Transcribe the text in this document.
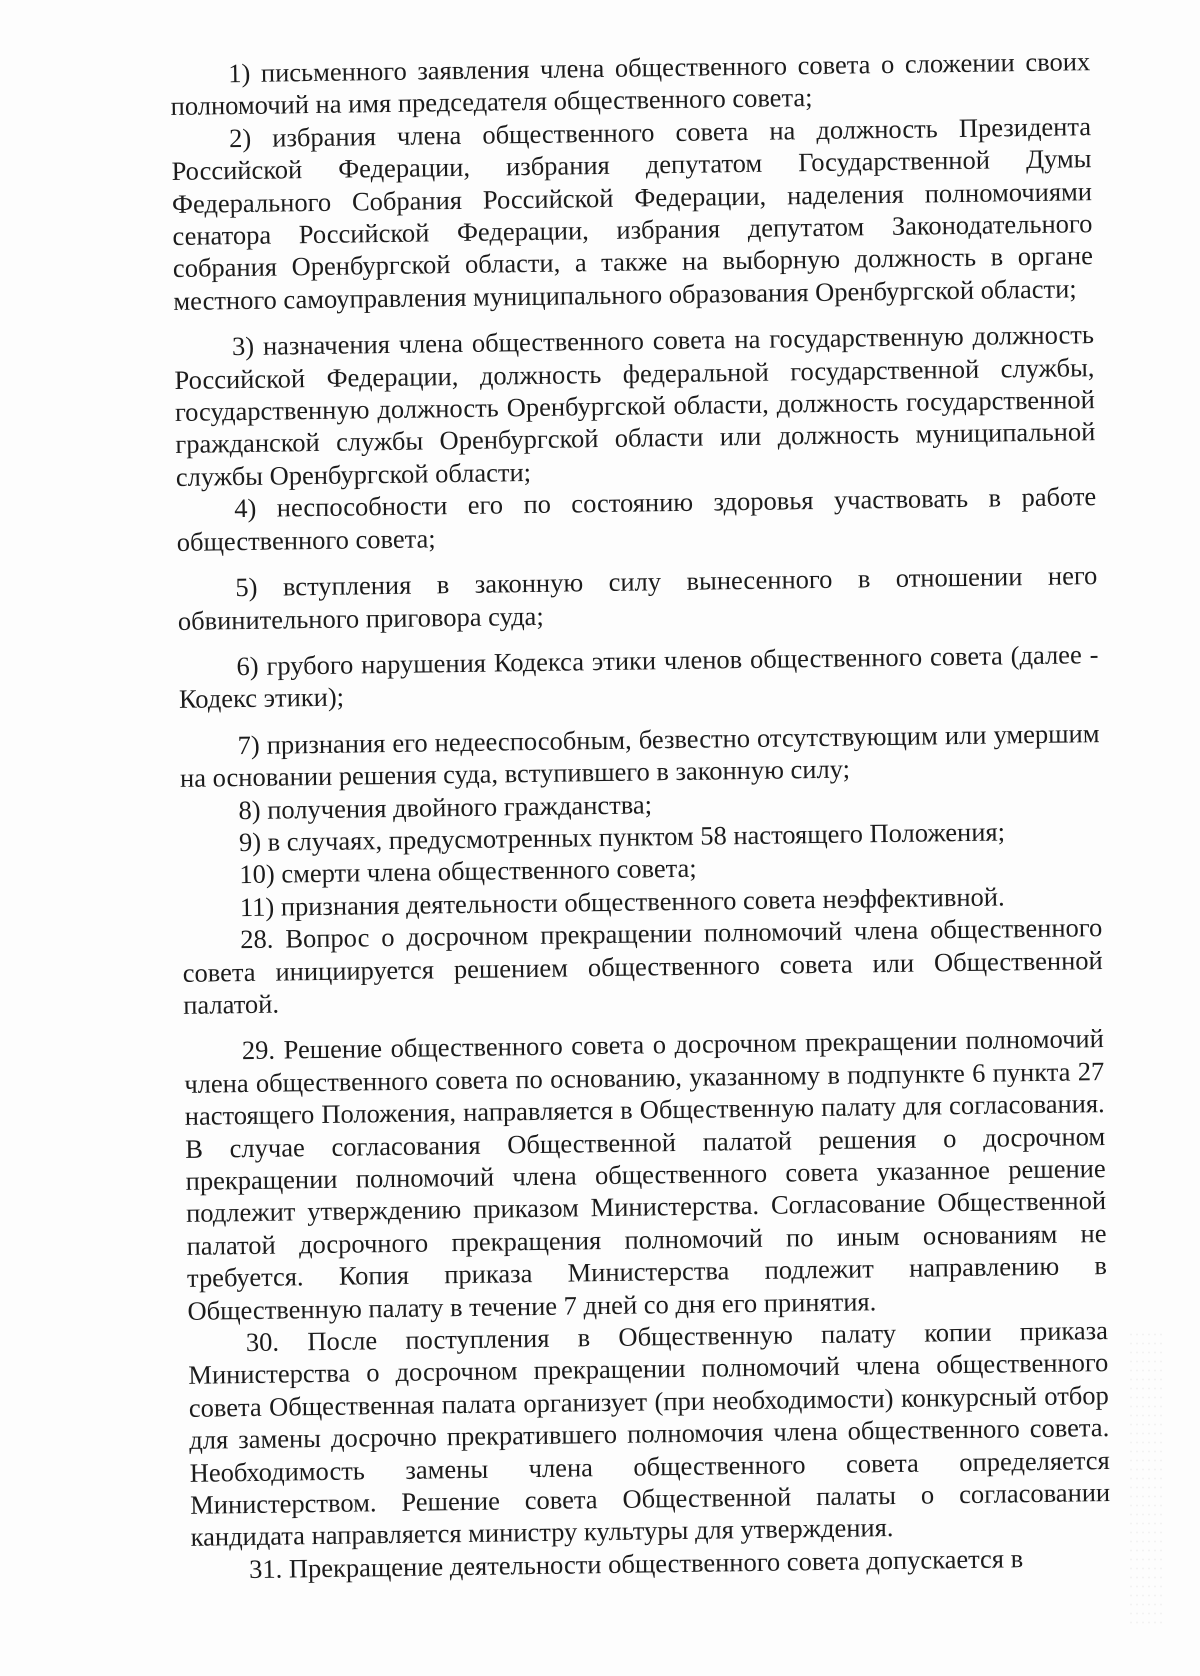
1) письменного заявления члена общественного совета о сложении своих полномочий на имя председателя общественного совета;

2) избрания члена общественного совета на должность Президента Российской Федерации, избрания депутатом Государственной Думы Федерального Собрания Российской Федерации, наделения полномочиями сенатора Российской Федерации, избрания депутатом Законодательного собрания Оренбургской области, а также на выборную должность в органе местного самоуправления муниципального образования Оренбургской области;

3) назначения члена общественного совета на государственную должность Российской Федерации, должность федеральной государственной службы, государственную должность Оренбургской области, должность государственной гражданской службы Оренбургской области или должность муниципальной службы Оренбургской области;

4) неспособности его по состоянию здоровья участвовать в работе общественного совета;

5) вступления в законную силу вынесенного в отношении него обвинительного приговора суда;

6) грубого нарушения Кодекса этики членов общественного совета (далее - Кодекс этики);

7) признания его недееспособным, безвестно отсутствующим или умершим на основании решения суда, вступившего в законную силу;

8) получения двойного гражданства;

9) в случаях, предусмотренных пунктом 58 настоящего Положения;

10) смерти члена общественного совета;

11) признания деятельности общественного совета неэффективной.

28. Вопрос о досрочном прекращении полномочий члена общественного совета инициируется решением общественного совета или Общественной палатой.

29. Решение общественного совета о досрочном прекращении полномочий члена общественного совета по основанию, указанному в подпункте 6 пункта 27 настоящего Положения, направляется в Общественную палату для согласования. В случае согласования Общественной палатой решения о досрочном прекращении полномочий члена общественного совета указанное решение подлежит утверждению приказом Министерства. Согласование Общественной палатой досрочного прекращения полномочий по иным основаниям не требуется. Копия приказа Министерства подлежит направлению в Общественную палату в течение 7 дней со дня его принятия.

30. После поступления в Общественную палату копии приказа Министерства о досрочном прекращении полномочий члена общественного совета Общественная палата организует (при необходимости) конкурсный отбор для замены досрочно прекратившего полномочия члена общественного совета. Необходимость замены члена общественного совета определяется Министерством. Решение совета Общественной палаты о согласовании кандидата направляется министру культуры для утверждения.

31. Прекращение деятельности общественного совета допускается в
